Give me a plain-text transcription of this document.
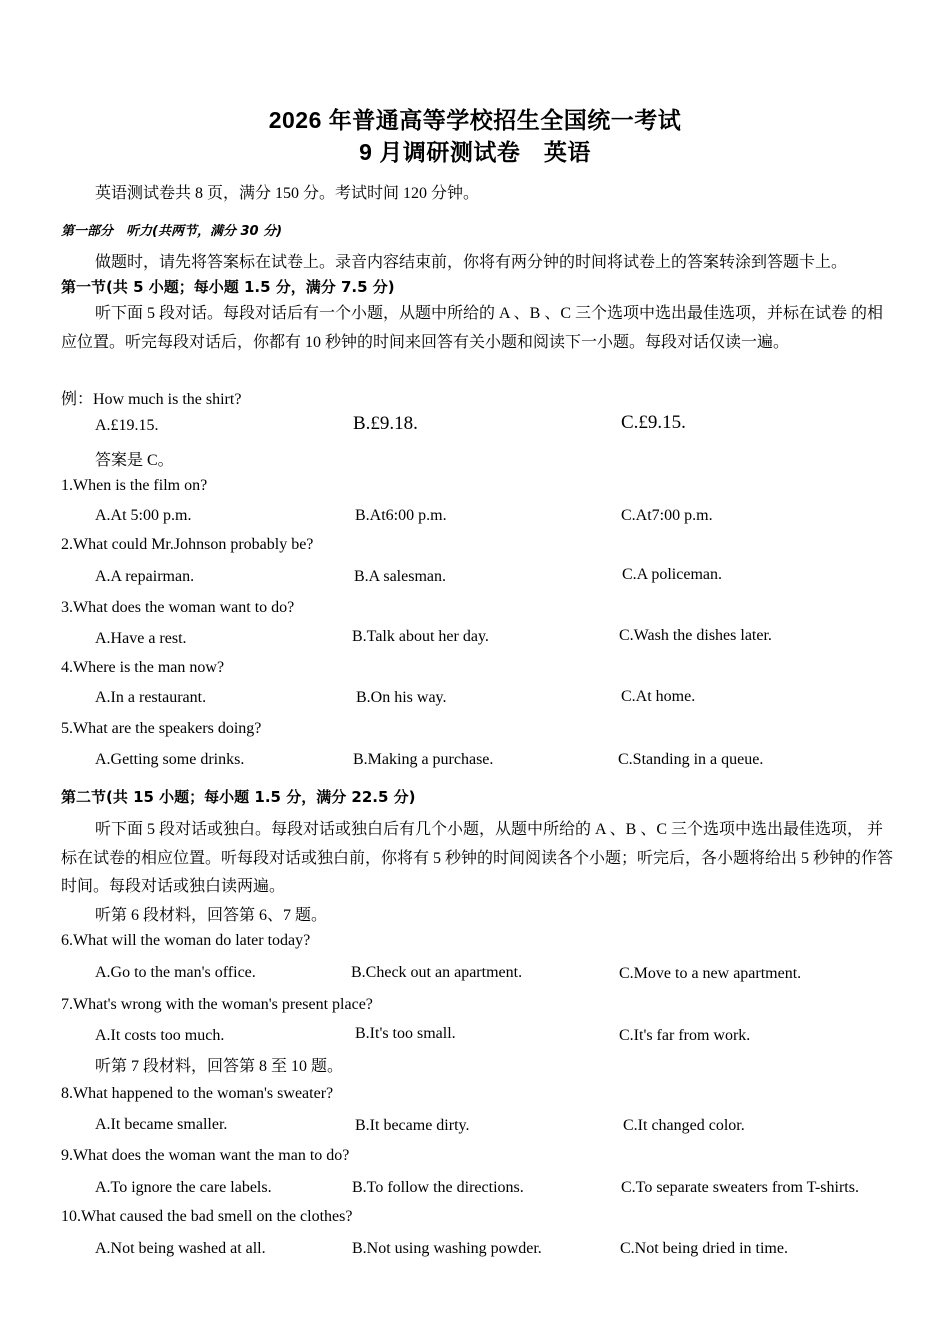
2026 年普通高等学校招生全国统一考试
9 月调研测试卷　英语
英语测试卷共 8 页，满分 150 分。考试时间 120 分钟。
第一部分　听力(共两节，满分 30 分)
做题时，请先将答案标在试卷上。录音内容结束前，你将有两分钟的时间将试卷上的答案转涂到答题卡上。
第一节(共 5 小题；每小题 1.5 分，满分 7.5 分)
听下面 5 段对话。每段对话后有一个小题，从题中所给的 A 、B 、C 三个选项中选出最佳选项，并标在试卷 的相应位置。听完每段对话后，你都有 10 秒钟的时间来回答有关小题和阅读下一小题。每段对话仅读一遍。
例：How much is the shirt?
A.£19.15.	B.£9.18.	C.£9.15.
答案是 C。
1.When is the film on?
A.At 5:00 p.m.	B.At6:00 p.m.	C.At7:00 p.m.
2.What could Mr.Johnson probably be?
A.A repairman.	B.A salesman.	C.A policeman.
3.What does the woman want to do?
A.Have a rest.	B.Talk about her day.	C.Wash the dishes later.
4.Where is the man now?
A.In a restaurant.	B.On his way.	C.At home.
5.What are the speakers doing?
A.Getting some drinks.	B.Making a purchase.	C.Standing in a queue.
第二节(共 15 小题；每小题 1.5 分，满分 22.5 分)
听下面 5 段对话或独白。每段对话或独白后有几个小题，从题中所给的 A 、B 、C 三个选项中选出最佳选项， 并标在试卷的相应位置。听每段对话或独白前，你将有 5 秒钟的时间阅读各个小题；听完后，各小题将给出 5 秒钟的作答时间。每段对话或独白读两遍。
听第 6 段材料，回答第 6、7 题。
6.What will the woman do later today?
A.Go to the man's office.	B.Check out an apartment.	C.Move to a new apartment.
7.What's wrong with the woman's present place?
A.It costs too much.	B.It's too small.	C.It's far from work.
听第 7 段材料，回答第 8 至 10 题。
8.What happened to the woman's sweater?
A.It became smaller.	B.It became dirty.	C.It changed color.
9.What does the woman want the man to do?
A.To ignore the care labels.	B.To follow the directions.	C.To separate sweaters from T-shirts.
10.What caused the bad smell on the clothes?
A.Not being washed at all.	B.Not using washing powder.	C.Not being dried in time.
